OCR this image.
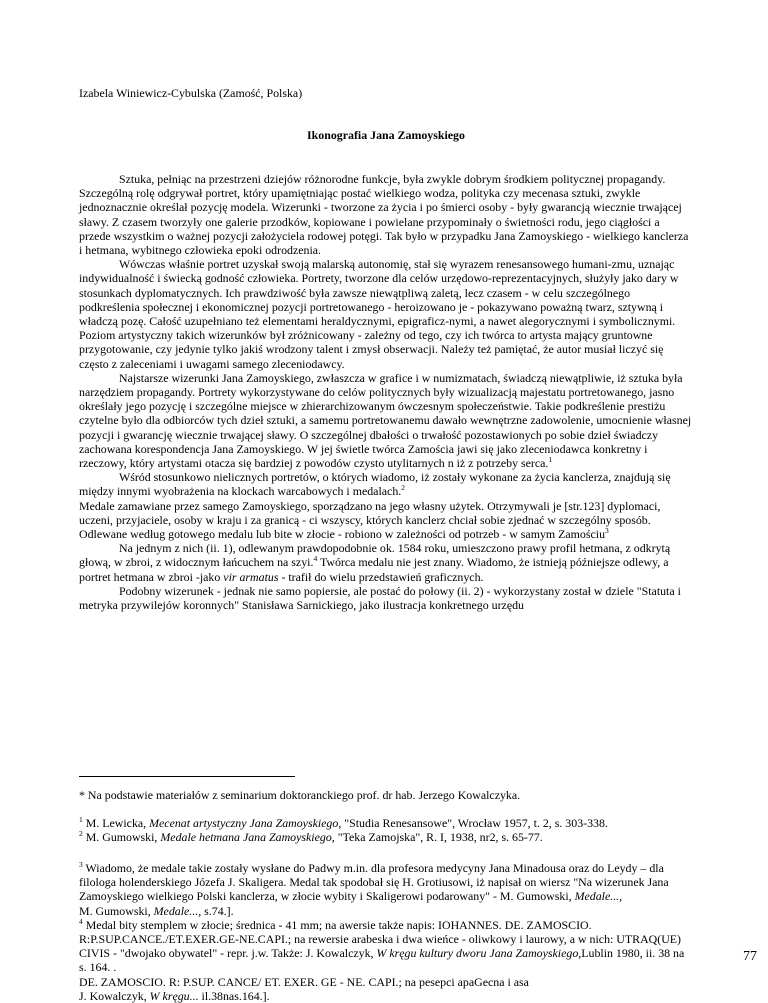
Izabela Winiewicz-Cybulska (Zamość, Polska)
Ikonografia Jana Zamoyskiego

Sztuka, pełniąc na przestrzeni dziejów różnorodne funkcje, była zwykle dobrym środkiem politycznej propagandy. Szczególną rolę odgrywał portret, który upamiętniając postać wielkiego wodza, polityka czy mecenasa sztuki, zwykle jednoznacznie określał pozycję modela. Wizerunki - tworzone za życia i po śmierci osoby - były gwarancją wiecznie trwającej sławy. Z czasem tworzyły one galerie przodków, kopiowane i powielane przypominały o świetności rodu, jego ciągłości a przede wszystkim o ważnej pozycji założyciela rodowej potęgi. Tak było w przypadku Jana Zamoyskiego - wielkiego kanclerza i hetmana, wybitnego człowieka epoki odrodzenia.

Wówczas właśnie portret uzyskał swoją malarską autonomię, stał się wyrazem renesansowego humani-zmu, uznając indywidualność i świecką godność człowieka. Portrety, tworzone dla celów urzędowo-reprezentacyjnych, służyły jako dary w stosunkach dyplomatycznych. Ich prawdziwość była zawsze niewątpliwą zaletą, lecz czasem - w celu szczególnego podkreślenia społecznej i ekonomicznej pozycji portretowanego - heroizowano je - pokazywano poważną twarz, sztywną i władczą pozę. Całość uzupełniano też elementami heraldycznymi, epigraficz-nymi, a nawet alegorycznymi i symbolicznymi. Poziom artystyczny takich wizerunków był zróżnicowany - zależny od tego, czy ich twórca to artysta mający gruntowne przygotowanie, czy jedynie tylko jakiś wrodzony talent i zmysł obserwacji. Należy też pamiętać, że autor musiał liczyć się często z zaleceniami i uwagami samego zleceniodawcy.

Najstarsze wizerunki Jana Zamoyskiego, zwłaszcza w grafice i w numizmatach, świadczą niewątpliwie, iż sztuka była narzędziem propagandy. Portrety wykorzystywane do celów politycznych były wizualizacją majestatu portretowanego, jasno określały jego pozycję i szczególne miejsce w zhierarchizowanym ówczesnym społeczeństwie. Takie podkreślenie prestiżu czytelne było dla odbiorców tych dzieł sztuki, a samemu portretowanemu dawało wewnętrzne zadowolenie, umocnienie własnej pozycji i gwarancję wiecznie trwającej sławy. O szczególnej dbałości o trwałość pozostawionych po sobie dzieł świadczy zachowana korespondencja Jana Zamoyskiego. W jej świetle twórca Zamościa jawi się jako zleceniodawca konkretny i rzeczowy, który artystami otacza się bardziej z powodów czysto utylitarnych n iż z potrzeby serca.$^1$

Wśród stosunkowo nielicznych portretów, o których wiadomo, iż zostały wykonane za życia kanclerza, znajdują się między innymi wyobrażenia na klockach warcabowych i medalach.$^2$

Medale zamawiane przez samego Zamoyskiego, sporządzano na jego własny użytek. Otrzymywali je [str.123] dyplomaci, uczeni, przyjaciele, osoby w kraju i za granicą - ci wszyscy, których kanclerz chciał sobie zjednać w szczególny sposób. Odlewane według gotowego medalu lub bite w złocie - robiono w zależności od potrzeb - w samym Zamościu$^3$

Na jednym z nich (ii. 1), odlewanym prawdopodobnie ok. 1584 roku, umieszczono prawy profil hetmana, z odkrytą głową, w zbroi, z widocznym łańcuchem na szyi.$^4$ Twórca medalu nie jest znany. Wiadomo, że istnieją późniejsze odlewy, a portret hetmana w zbroi -jako vir armatus - trafił do wielu przedstawień graficznych.

Podobny wizerunek - jednak nie samo popiersie, ale postać do połowy (ii. 2) - wykorzystany został w dziele "Statuta i metryka przywilejów koronnych" Stanisława Sarnickiego, jako ilustracja konkretnego urzędu

* Na podstawie materiałów z seminarium doktoranckiego prof. dr hab. Jerzego Kowalczyka.

$^1$ M. Lewicka, Mecenat artystyczny Jana Zamoyskiego, "Studia Renesansowe", Wrocław 1957, t. 2, s. 303-338.

$^2$ M. Gumowski, Medale hetmana Jana Zamoyskiego, "Teka Zamojska", R. I, 1938, nr2, s. 65-77.

$^3$ Wiadomo, że medale takie zostały wysłane do Padwy m.in. dla profesora medycyny Jana Minadousa oraz do Leydy – dla filologa holenderskiego Józefa J. Skaligera. Medal tak spodobał się H. Grotiusowi, iż napisał on wiersz "Na wizerunek Jana Zamoyskiego wielkiego Polski kanclerza, w złocie wybity i Skaligerowi podarowany" - M. Gumowski, Medale...,
M. Gumowski, Medale..., s.74.].

$^4$ Medal bity stemplem w złocie; średnica - 41 mm; na awersie także napis: IOHANNES. DE. ZAMOSCIO. R:P.SUP.CANCE./ET.EXER.GE-NE.CAPI.; na rewersie arabeska i dwa wieńce - oliwkowy i laurowy, a w nich: UTRAQ(UE) CIVIS - "dwojako obywatel" - repr. j.w. Także: J. Kowalczyk, W kręgu kultury dworu Jana Zamoyskiego,Lublin 1980, ii. 38 na s. 164. .
DE. ZAMOSCIO. R: P.SUP. CANCE/ ET. EXER. GE - NE. CAPI.; na pesepci apaGecna i asa
J. Kowalczyk, W kręgu... il.38nas.164.].

77
